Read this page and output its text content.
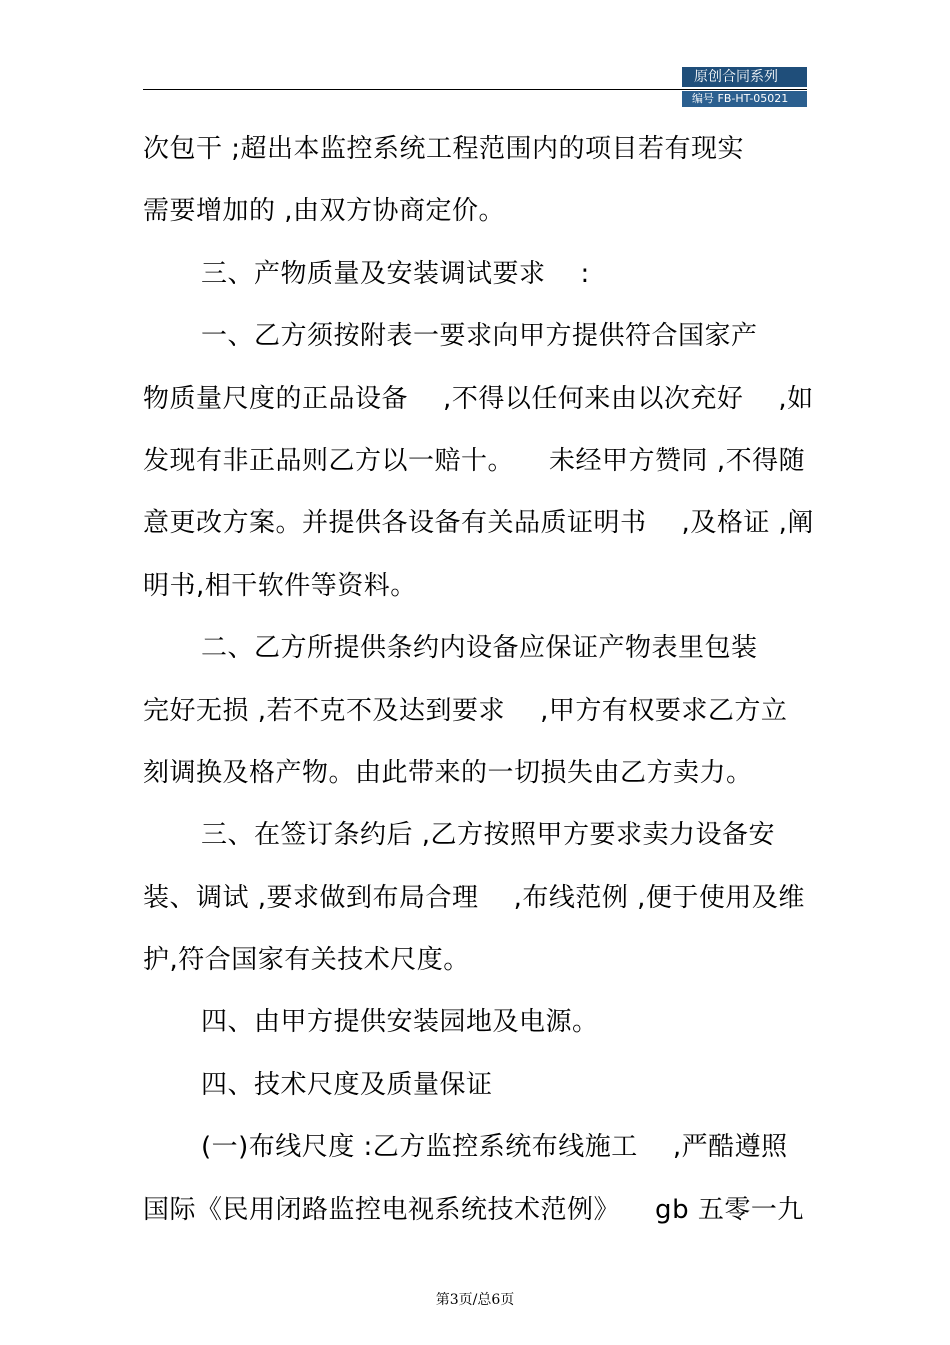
原创合同系列
编号 FB-HT-05021
次包干 ;超出本监控系统工程范围内的项目若有现实
需要增加的 ,由双方协商定价。
三、产物质量及安装调试要求    :
一、乙方须按附表一要求向甲方提供符合国家产
物质量尺度的正品设备    ,不得以任何来由以次充好    ,如
发现有非正品则乙方以一赔十。    未经甲方赞同 ,不得随
意更改方案。并提供各设备有关品质证明书    ,及格证 ,阐
明书,相干软件等资料。
二、乙方所提供条约内设备应保证产物表里包装
完好无损 ,若不克不及达到要求    ,甲方有权要求乙方立
刻调换及格产物。由此带来的一切损失由乙方卖力。
三、在签订条约后 ,乙方按照甲方要求卖力设备安
装、调试 ,要求做到布局合理    ,布线范例 ,便于使用及维
护,符合国家有关技术尺度。
四、由甲方提供安装园地及电源。
四、技术尺度及质量保证
(一)布线尺度 :乙方监控系统布线施工    ,严酷遵照
国际《民用闭路监控电视系统技术范例》    gb 五零一九
第3页/总6页
